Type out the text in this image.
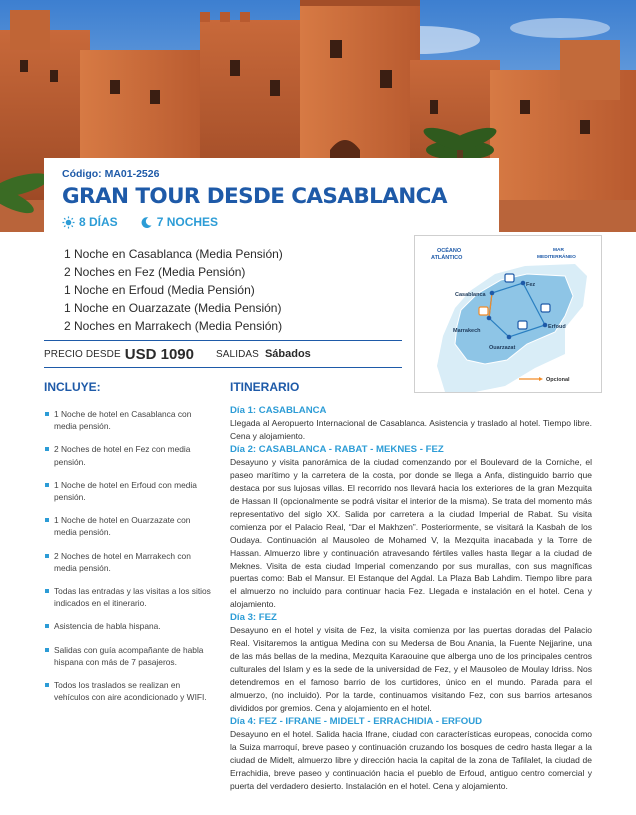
Código: MA01-2526
GRAN TOUR DESDE CASABLANCA
8 DÍAS	7 NOCHES
1 Noche en Casablanca (Media Pensión)
2 Noches en Fez (Media Pensión)
1 Noche en Erfoud (Media Pensión)
1 Noche en Ouarzazate (Media Pensión)
2 Noches en Marrakech (Media Pensión)
PRECIO DESDE USD 1090 SALIDAS Sábados
OCÉANO
ATLÁNTICO
MAR
MEDITERRÁNEO
Casablanca
Fez
Erfoud
Marrakech
Ouarzazat
Opcional
INCLUYE:
1 Noche de hotel en Casablanca con media pensión.
2 Noches de hotel en Fez con media pensión.
1 Noche de hotel en Erfoud con media pensión.
1 Noche de hotel en Ouarzazate con media pensión.
2 Noches de hotel en Marrakech con media pensión.
Todas las entradas y las visitas a los sitios indicados en el itinerario.
Asistencia de habla hispana.
Salidas con guía acompañante de habla hispana con más de 7 pasajeros.
Todos los traslados se realizan en vehículos con aire acondicionado y WIFI.
ITINERARIO
Día 1: CASABLANCA
Llegada al Aeropuerto Internacional de Casablanca. Asistencia y traslado al hotel. Tiempo libre. Cena y alojamiento.
Día 2: CASABLANCA - RABAT - MEKNES - FEZ
Desayuno y visita panorámica de la ciudad comenzando por el Boulevard de la Corniche, el paseo marítimo y la carretera de la costa, por donde se llega a Anfa, distinguido barrio que destaca por sus lujosas villas. El recorrido nos llevará hacia los exteriores de la gran Mezquita de Hassan II (opcionalmente se podrá visitar el interior de la misma). Se trata del momento más representativo del siglo XX. Salida por carretera a la ciudad Imperial de Rabat. Su visita comienza por el Palacio Real, “Dar el Makhzen”. Posteriormente, se visitará la Kasbah de los Oudaya. Continuación al Mausoleo de Mohamed V, la Mezquita inacabada y la Torre de Hassan. Almuerzo libre y continuación atravesando fértiles valles hasta llegar a la ciudad de Meknes. Visita de esta ciudad Imperial comenzando por sus murallas, con sus magníficas puertas como: Bab el Mansur. El Estanque del Agdal. La Plaza Bab Lahdim. Tiempo libre para el almuerzo no incluido para continuar hacia Fez. Llegada e instalación en el hotel. Cena y alojamiento.
Día 3: FEZ
Desayuno en el hotel y visita de Fez, la visita comienza por las puertas doradas del Palacio Real. Visitaremos la antigua Medina con su Medersa de Bou Anania, la Fuente Nejjarine, una de las más bellas de la medina, Mezquita Karaouine que alberga uno de los principales centros culturales del Islam y es la sede de la universidad de Fez, y el Mausoleo de Moulay Idriss. Nos detendremos en el famoso barrio de los curtidores, único en el mundo. Parada para el almuerzo, (no incluido). Por la tarde, continuamos visitando Fez, con sus barrios artesanos divididos por gremios. Cena y alojamiento en el hotel.
Día 4: FEZ - IFRANE - MIDELT - ERRACHIDIA - ERFOUD
Desayuno en el hotel. Salida hacia Ifrane, ciudad con características europeas, conocida como la Suiza marroquí, breve paseo y continuación cruzando los bosques de cedro hasta llegar a la ciudad de Midelt, almuerzo libre y dirección hacia la capital de la zona de Tafilalet, la ciudad de Errachidia, breve paseo y continuación hacia el pueblo de Erfoud, antiguo centro comercial y puerta del verdadero desierto. Instalación en el hotel. Cena y alojamiento.
